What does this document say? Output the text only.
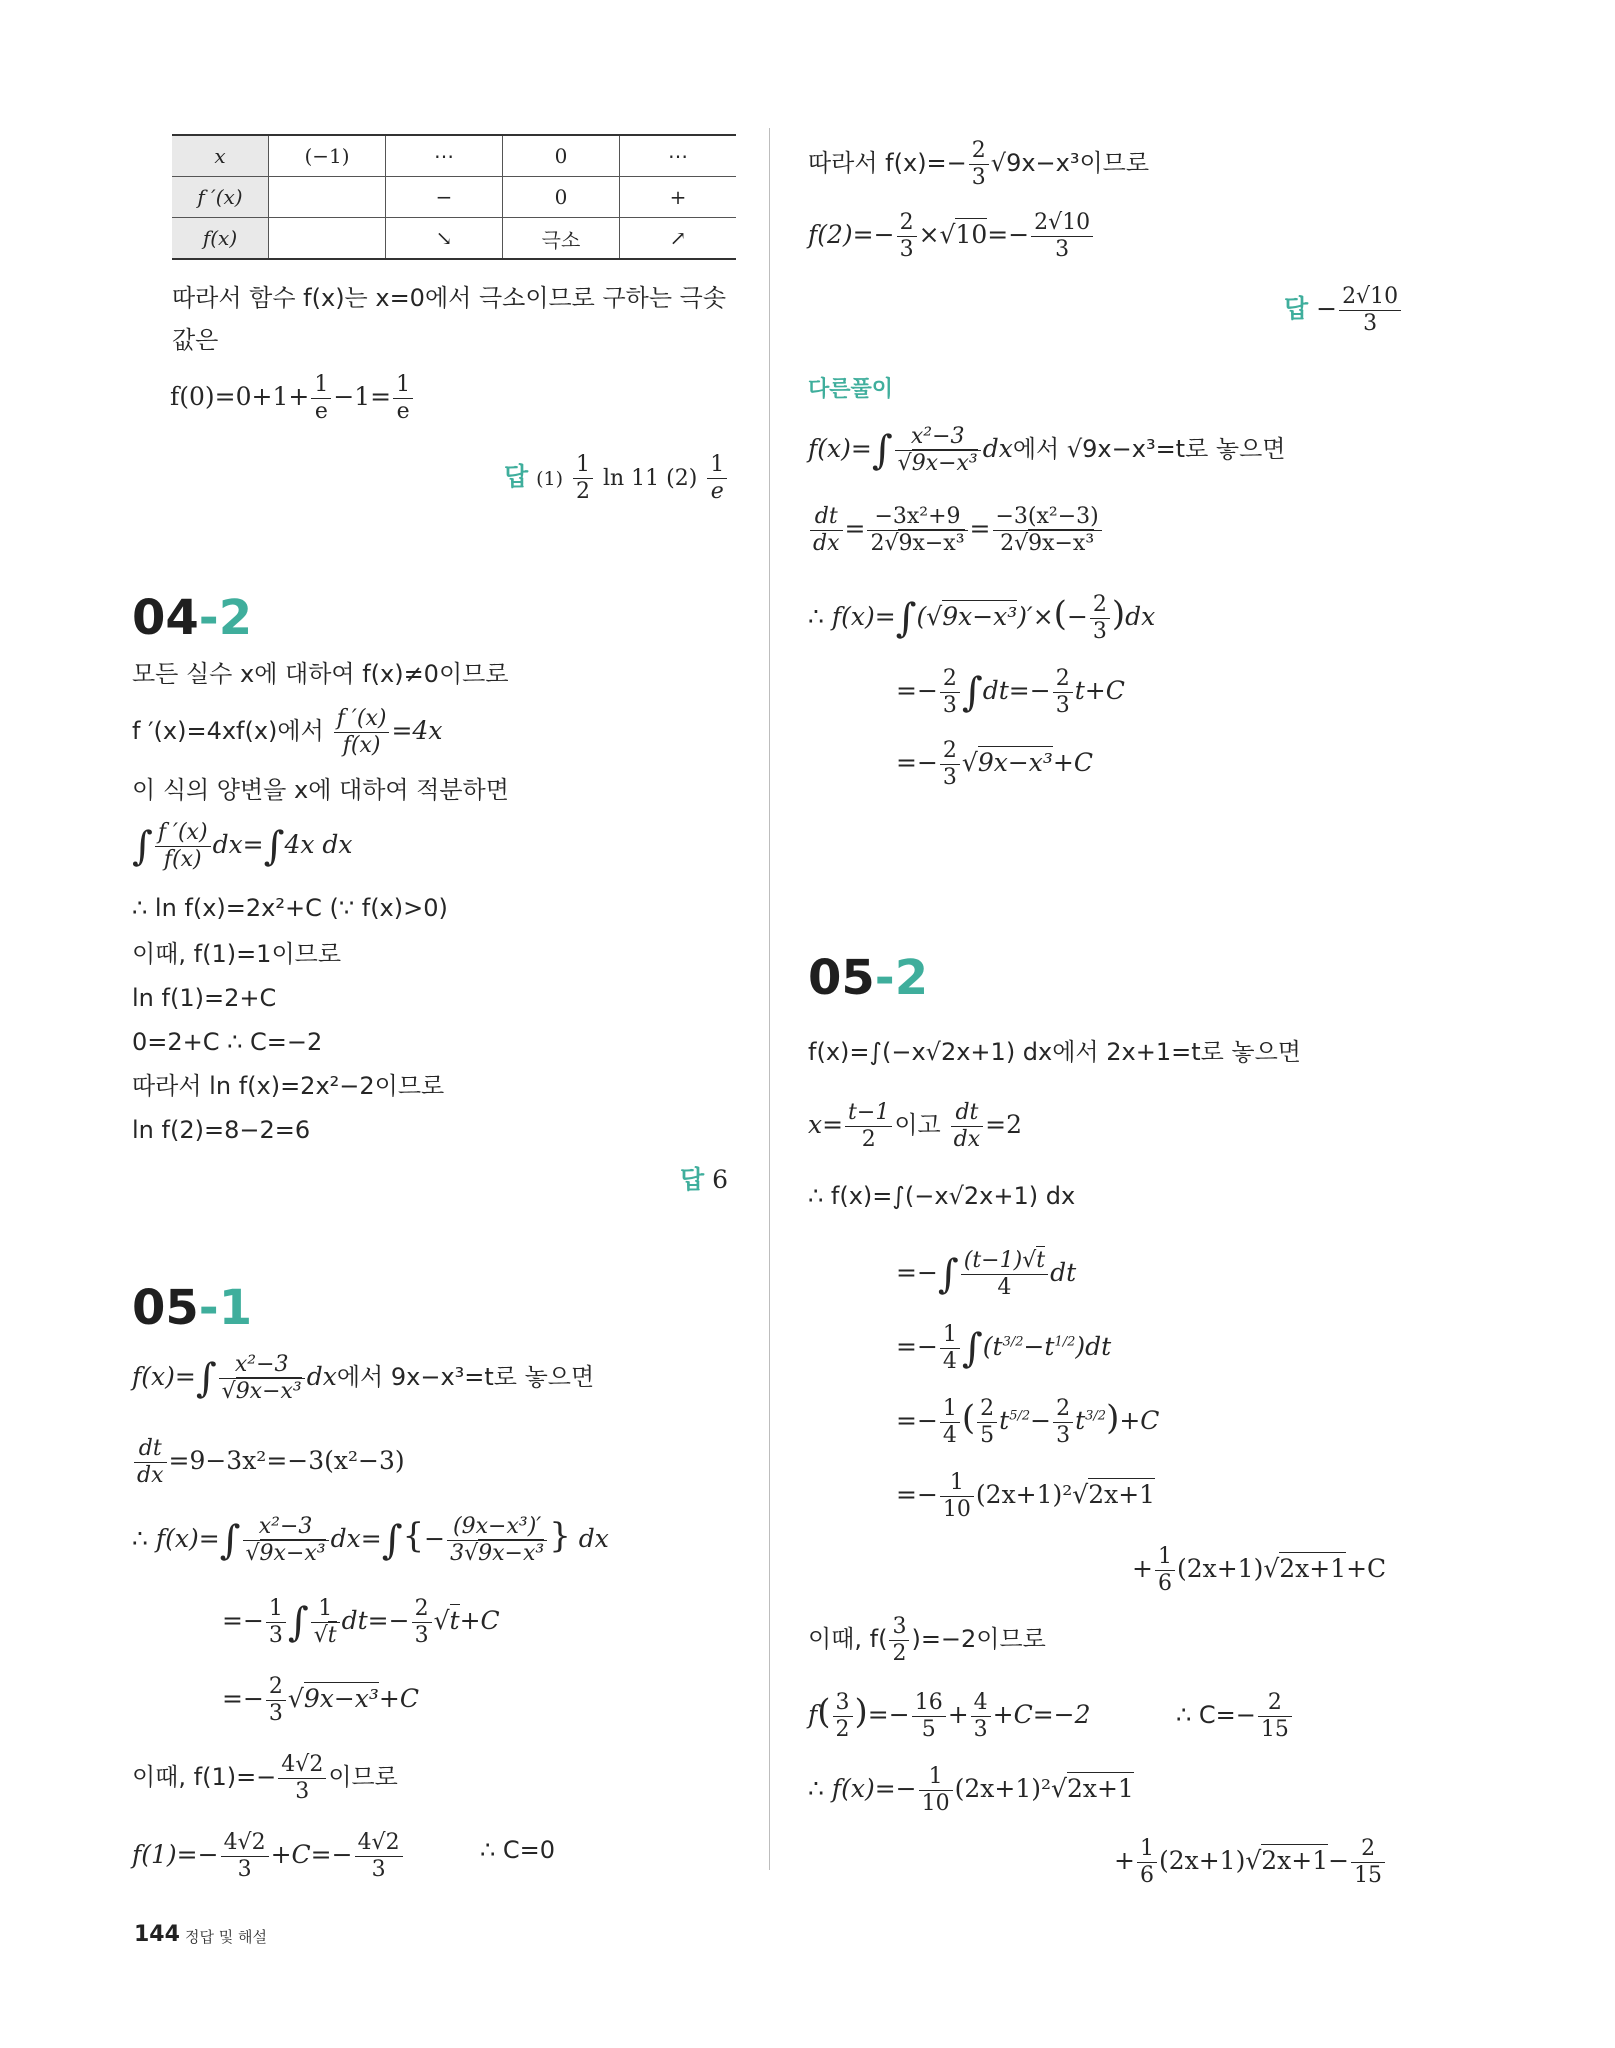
x	(−1)	⋯	0	⋯
f ′(x)		−	0	+
f(x)		↘	극소	↗
따라서 함수 f(x)는 x=0에서 극소이므로 구하는 극솟
값은
$f(0)=0+1+ \frac{1}{e} -1= \frac{1}{e}$
답 $(1) \frac{1}{2}$ ln 11 $(2) \frac{1}{e}$
04-2
모든 실수 x에 대하여 f(x)≠0이므로
f ′(x)=4xf(x)에서 $\frac{f '(x)}{f(x)} =4x$
이 식의 양변을 x에 대하여 적분하면
∫ $\frac{f '(x)}{f(x)} dx=\int 4x$ dx
∴ ln f(x)=2x²+C (∵ f(x)>0)
이때, f(1)=1이므로
ln f(1)=2+C
0=2+C ∴ C=−2
따라서 ln f(x)=2x²−2이므로
ln f(2)=8−2=6
답 6
05-1
$f(x)=\int \frac{\text{x²−3}}{\text{√9x−x³}}$ dx에서 9x−x³=t로 놓으면
$\frac{dt}{dx} =9-3x^2=-3(x^2-3)$
∴ $f(x)=\int \frac{\text{x²−3}}{\text{√9x−x³}} dx=\int\{- \frac{\text{(9x−x³)′}}{\text{3√9x−x³}}$ } dx
=− $\frac{1}{3}$ ∫ $\frac{1}{√t} dt=- \frac{2}{3} √t+C$
=− $\frac{2}{3} √9x-x^3+C$
이때, $f(1)=- \frac{4√2}{3}$ 이므로
$f(1)=- \frac{4√2}{3} +C=- \frac{4√2}{3}$	∴ C=0
따라서 $f(x)=- \frac{2}{3} √9x-x^3$이므로
$f(2)=- \frac{2}{3} \times√10=- \frac{2√10}{3}$
답 − $\frac{2√10}{3}$
다른풀이
$f(x)=\int \frac{\text{x²−3}}{\text{√9x−x³}}$ dx에서 √9x−x³=t로 놓으면
$\frac{dt}{dx} = \frac{\text{−3x²+9}}{\text{2√9x−x³}} = \frac{\text{−3(x²−3)}}{\text{2√9x−x³}}$
∴ $f(x)=\int(√9x-x^3)'\times(- \frac{2}{3} )dx$
=− $\frac{2}{3} \int dt=- \frac{2}{3} t+C$
=− $\frac{2}{3} √9x-x^3+C$
05-2
f(x)=∫(−x√2x+1) dx에서 2x+1=t로 놓으면
$x= \frac{t-1}{2}$ 이고 $\frac{dt}{dx} =2$
∴ f(x)=∫(−x√2x+1) dx
=−∫ $\frac{(t-1)√t}{4}$ dt
=− $\frac{1}{4} \int(t^{3/2}-t^{1/2})dt$
=− $\frac{1}{4}$ ( $\frac{2}{5} t^{5/2}- \frac{2}{3} t^{3/2})+C$
=− $\frac{1}{10} (2x+1)^2√2x+1$
+ $\frac{1}{6} (2x+1)√2x+1+C$
이때, $f( \frac{3}{2} )=-2$이므로
$f( \frac{3}{2}$ )=− $\frac{16}{5} + \frac{4}{3} +C=-2$	∴ $C=- \frac{2}{15}$
∴ $f(x)=- \frac{1}{10} (2x+1)^2√2x+1$
+ $\frac{1}{6} (2x+1)√2x+1- \frac{2}{15}$
144 정답 및 해설
